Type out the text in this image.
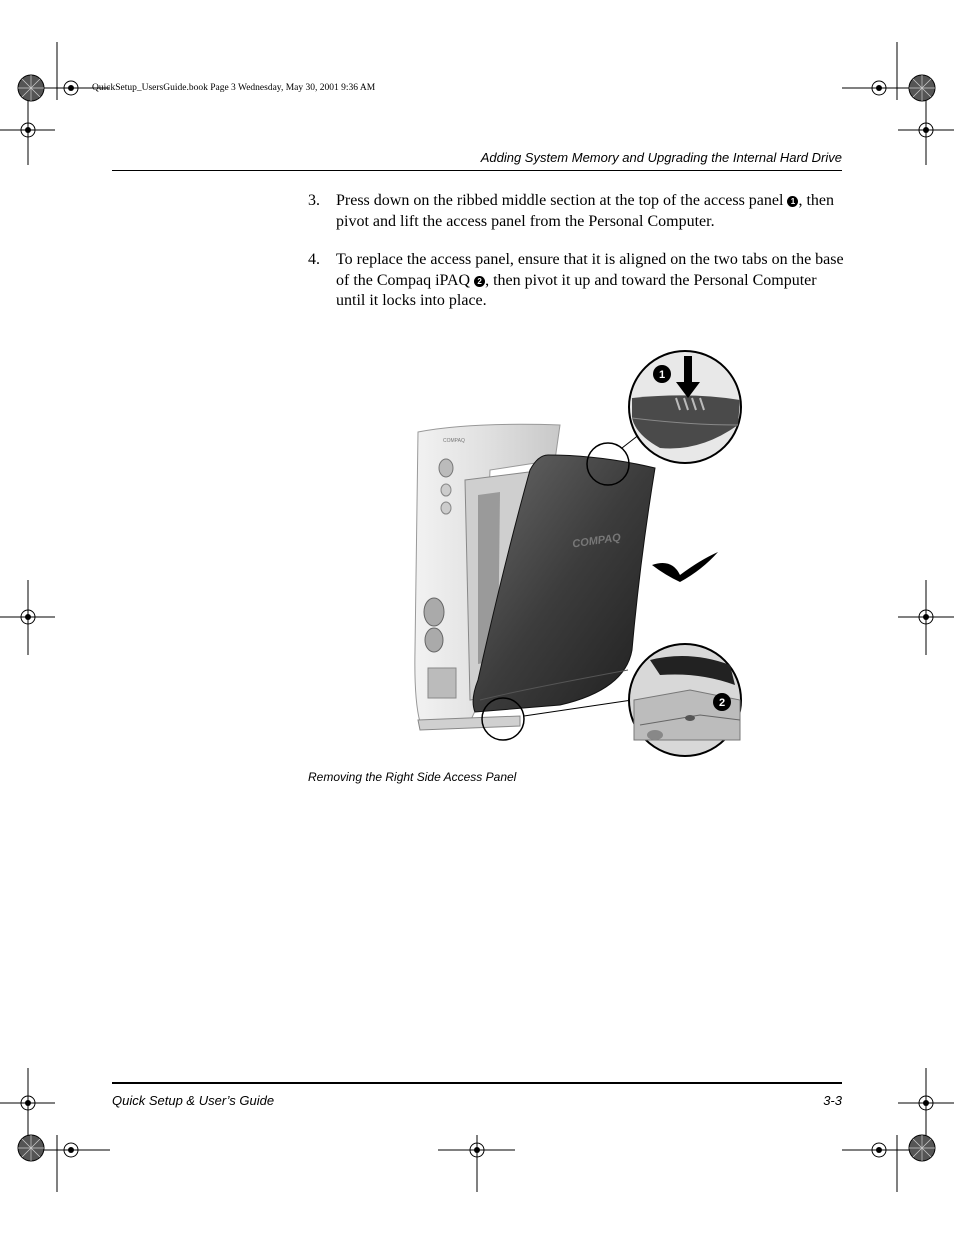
QuickSetup_UsersGuide.book Page 3 Wednesday, May 30, 2001 9:36 AM
Adding System Memory and Upgrading the Internal Hard Drive
3. Press down on the ribbed middle section at the top of the access panel 1 , then pivot and lift the access panel from the Personal Computer.
4. To replace the access panel, ensure that it is aligned on the two tabs on the base of the Compaq iPAQ 2 , then pivot it up and toward the Personal Computer until it locks into place.
COMPAQ
COMPAQ
1
2
Removing the Right Side Access Panel
Quick Setup & User’s Guide	3-3
